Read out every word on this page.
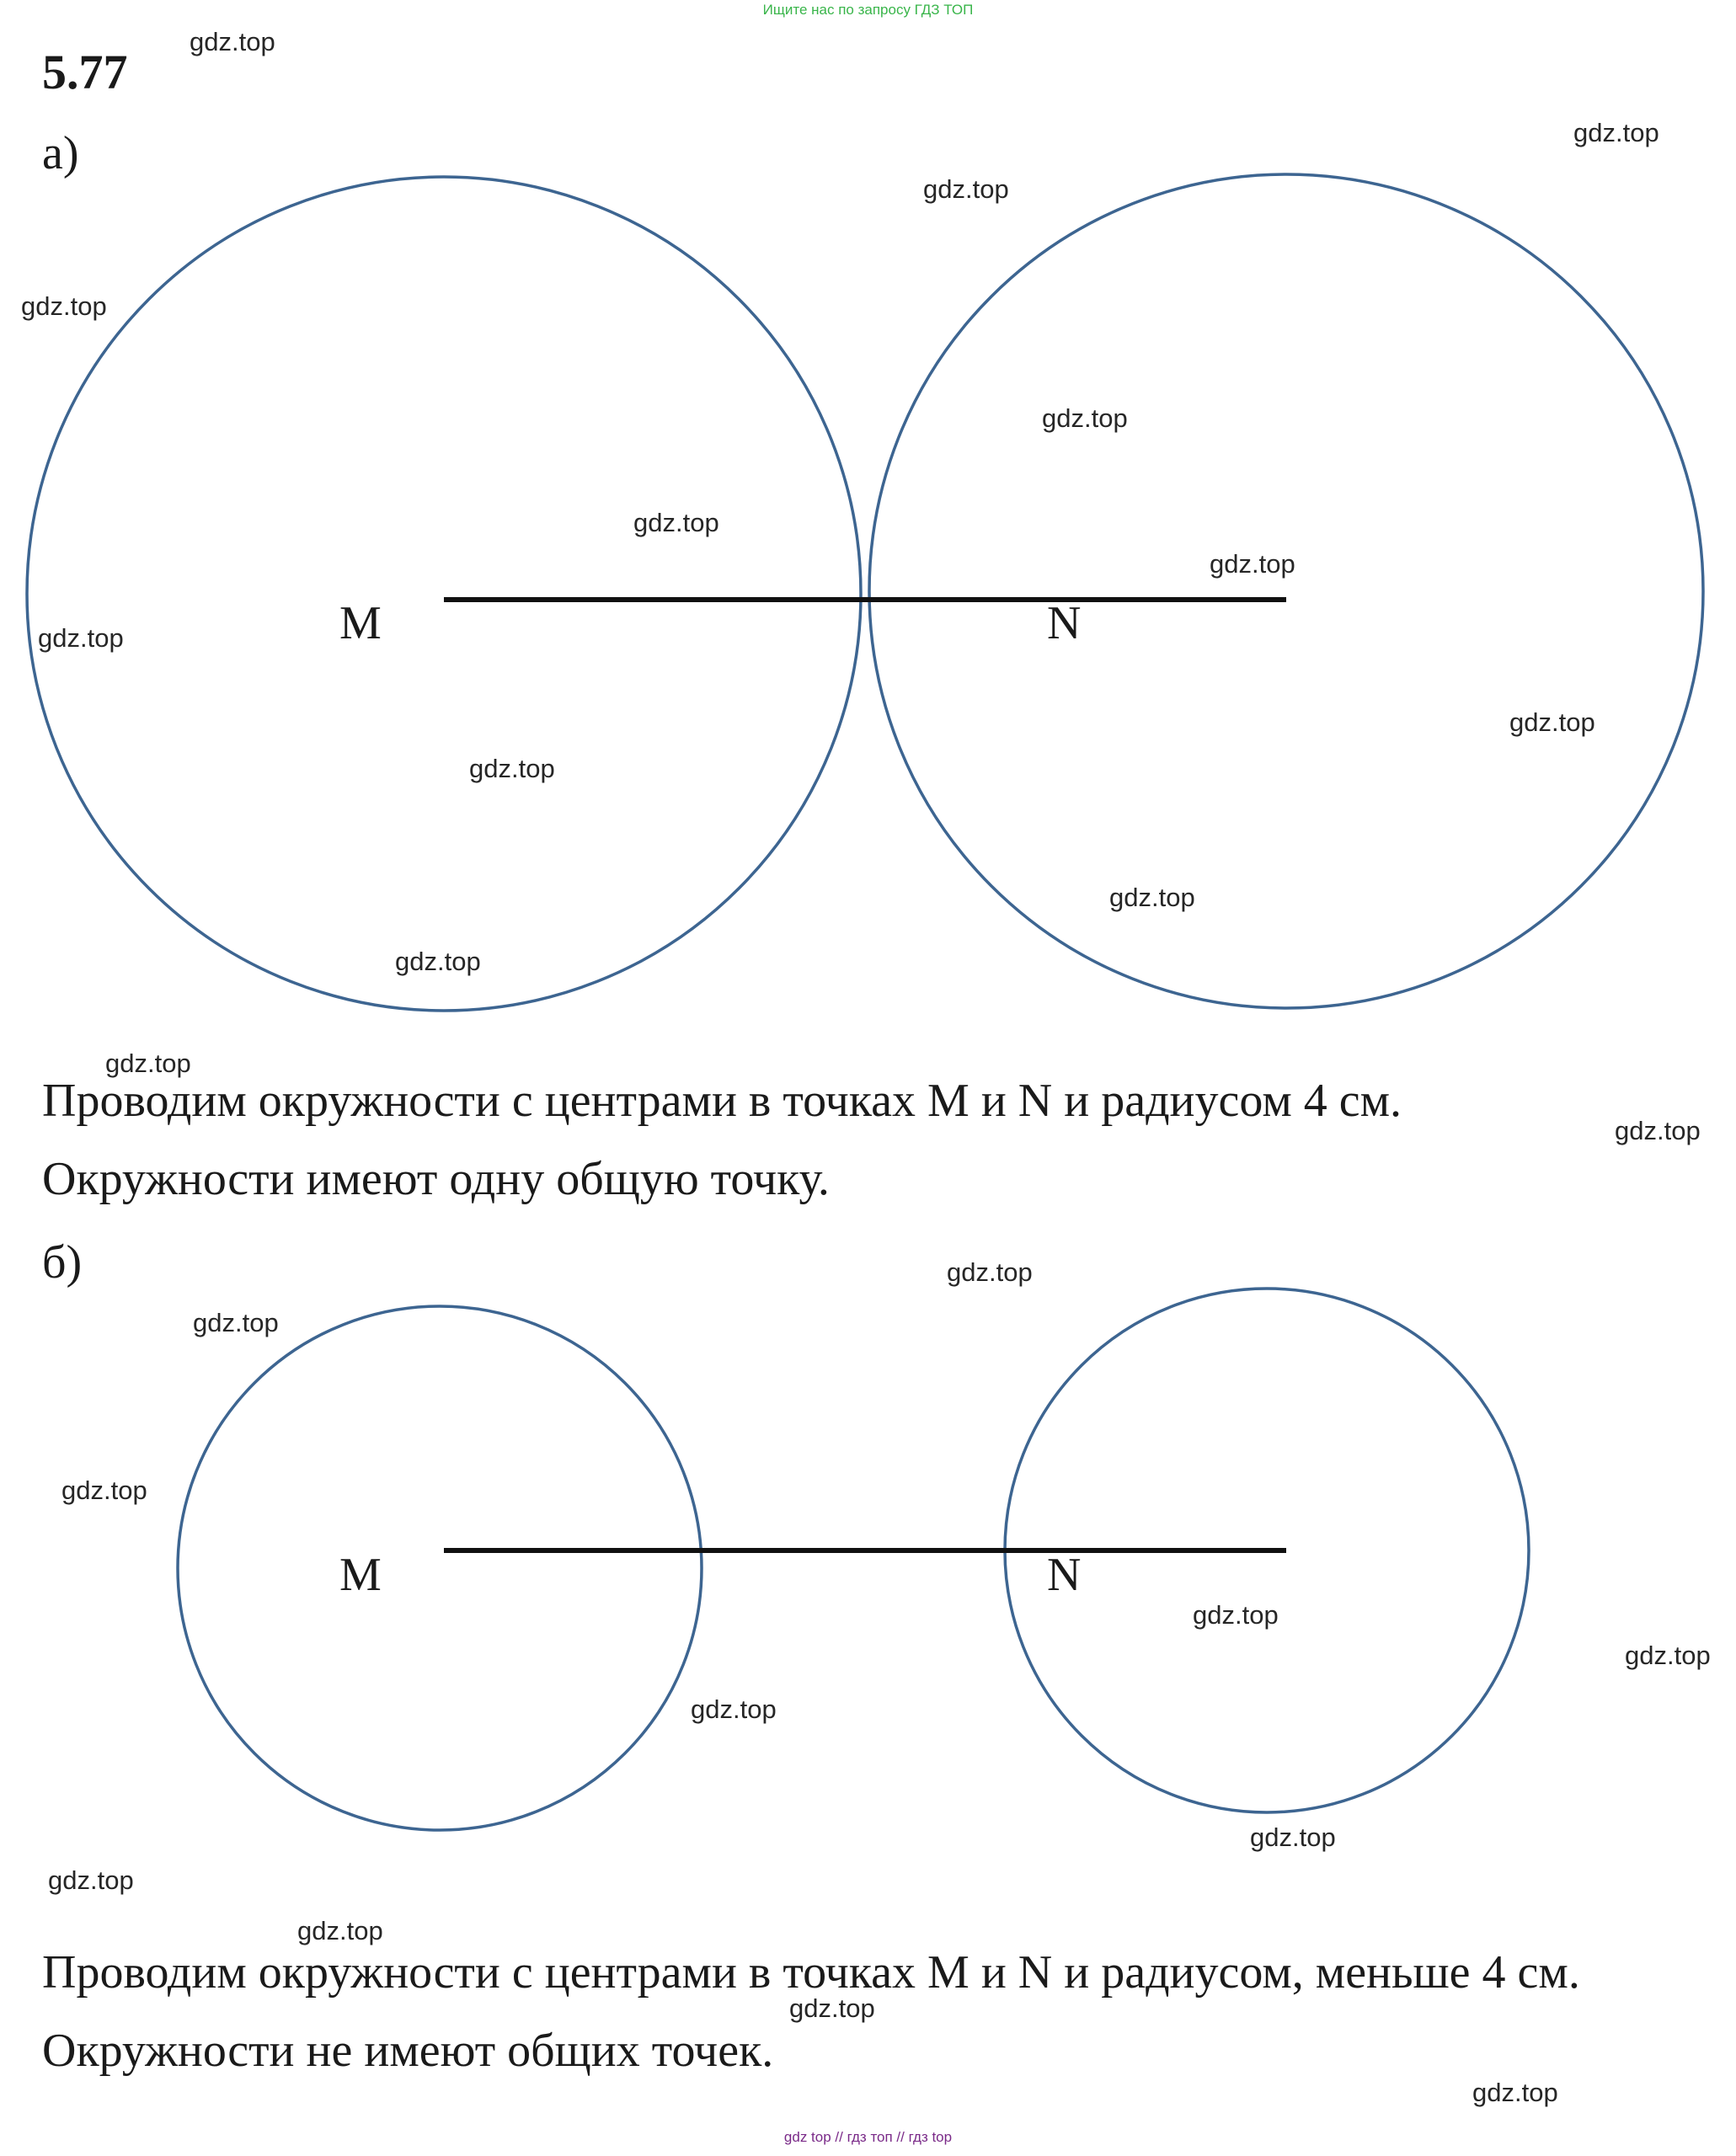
Ищите нас по запросу ГДЗ ТОП
5.77
а)
M	N
Проводим окружности с центрами в точках M и N и радиусом 4 см.
Окружности имеют одну общую точку.
б)
M	N
Проводим окружности с центрами в точках M и N и радиусом, меньше 4 см.
Окружности не имеют общих точек.
gdz.top
gdz.top
gdz.top
gdz.top
gdz.top
gdz.top
gdz.top
gdz.top
gdz.top
gdz.top
gdz.top
gdz.top
gdz.top
gdz.top
gdz.top
gdz.top
gdz.top
gdz.top
gdz.top
gdz.top
gdz.top
gdz.top
gdz.top
gdz.top
gdz.top
gdz top // гдз топ // гдз top
